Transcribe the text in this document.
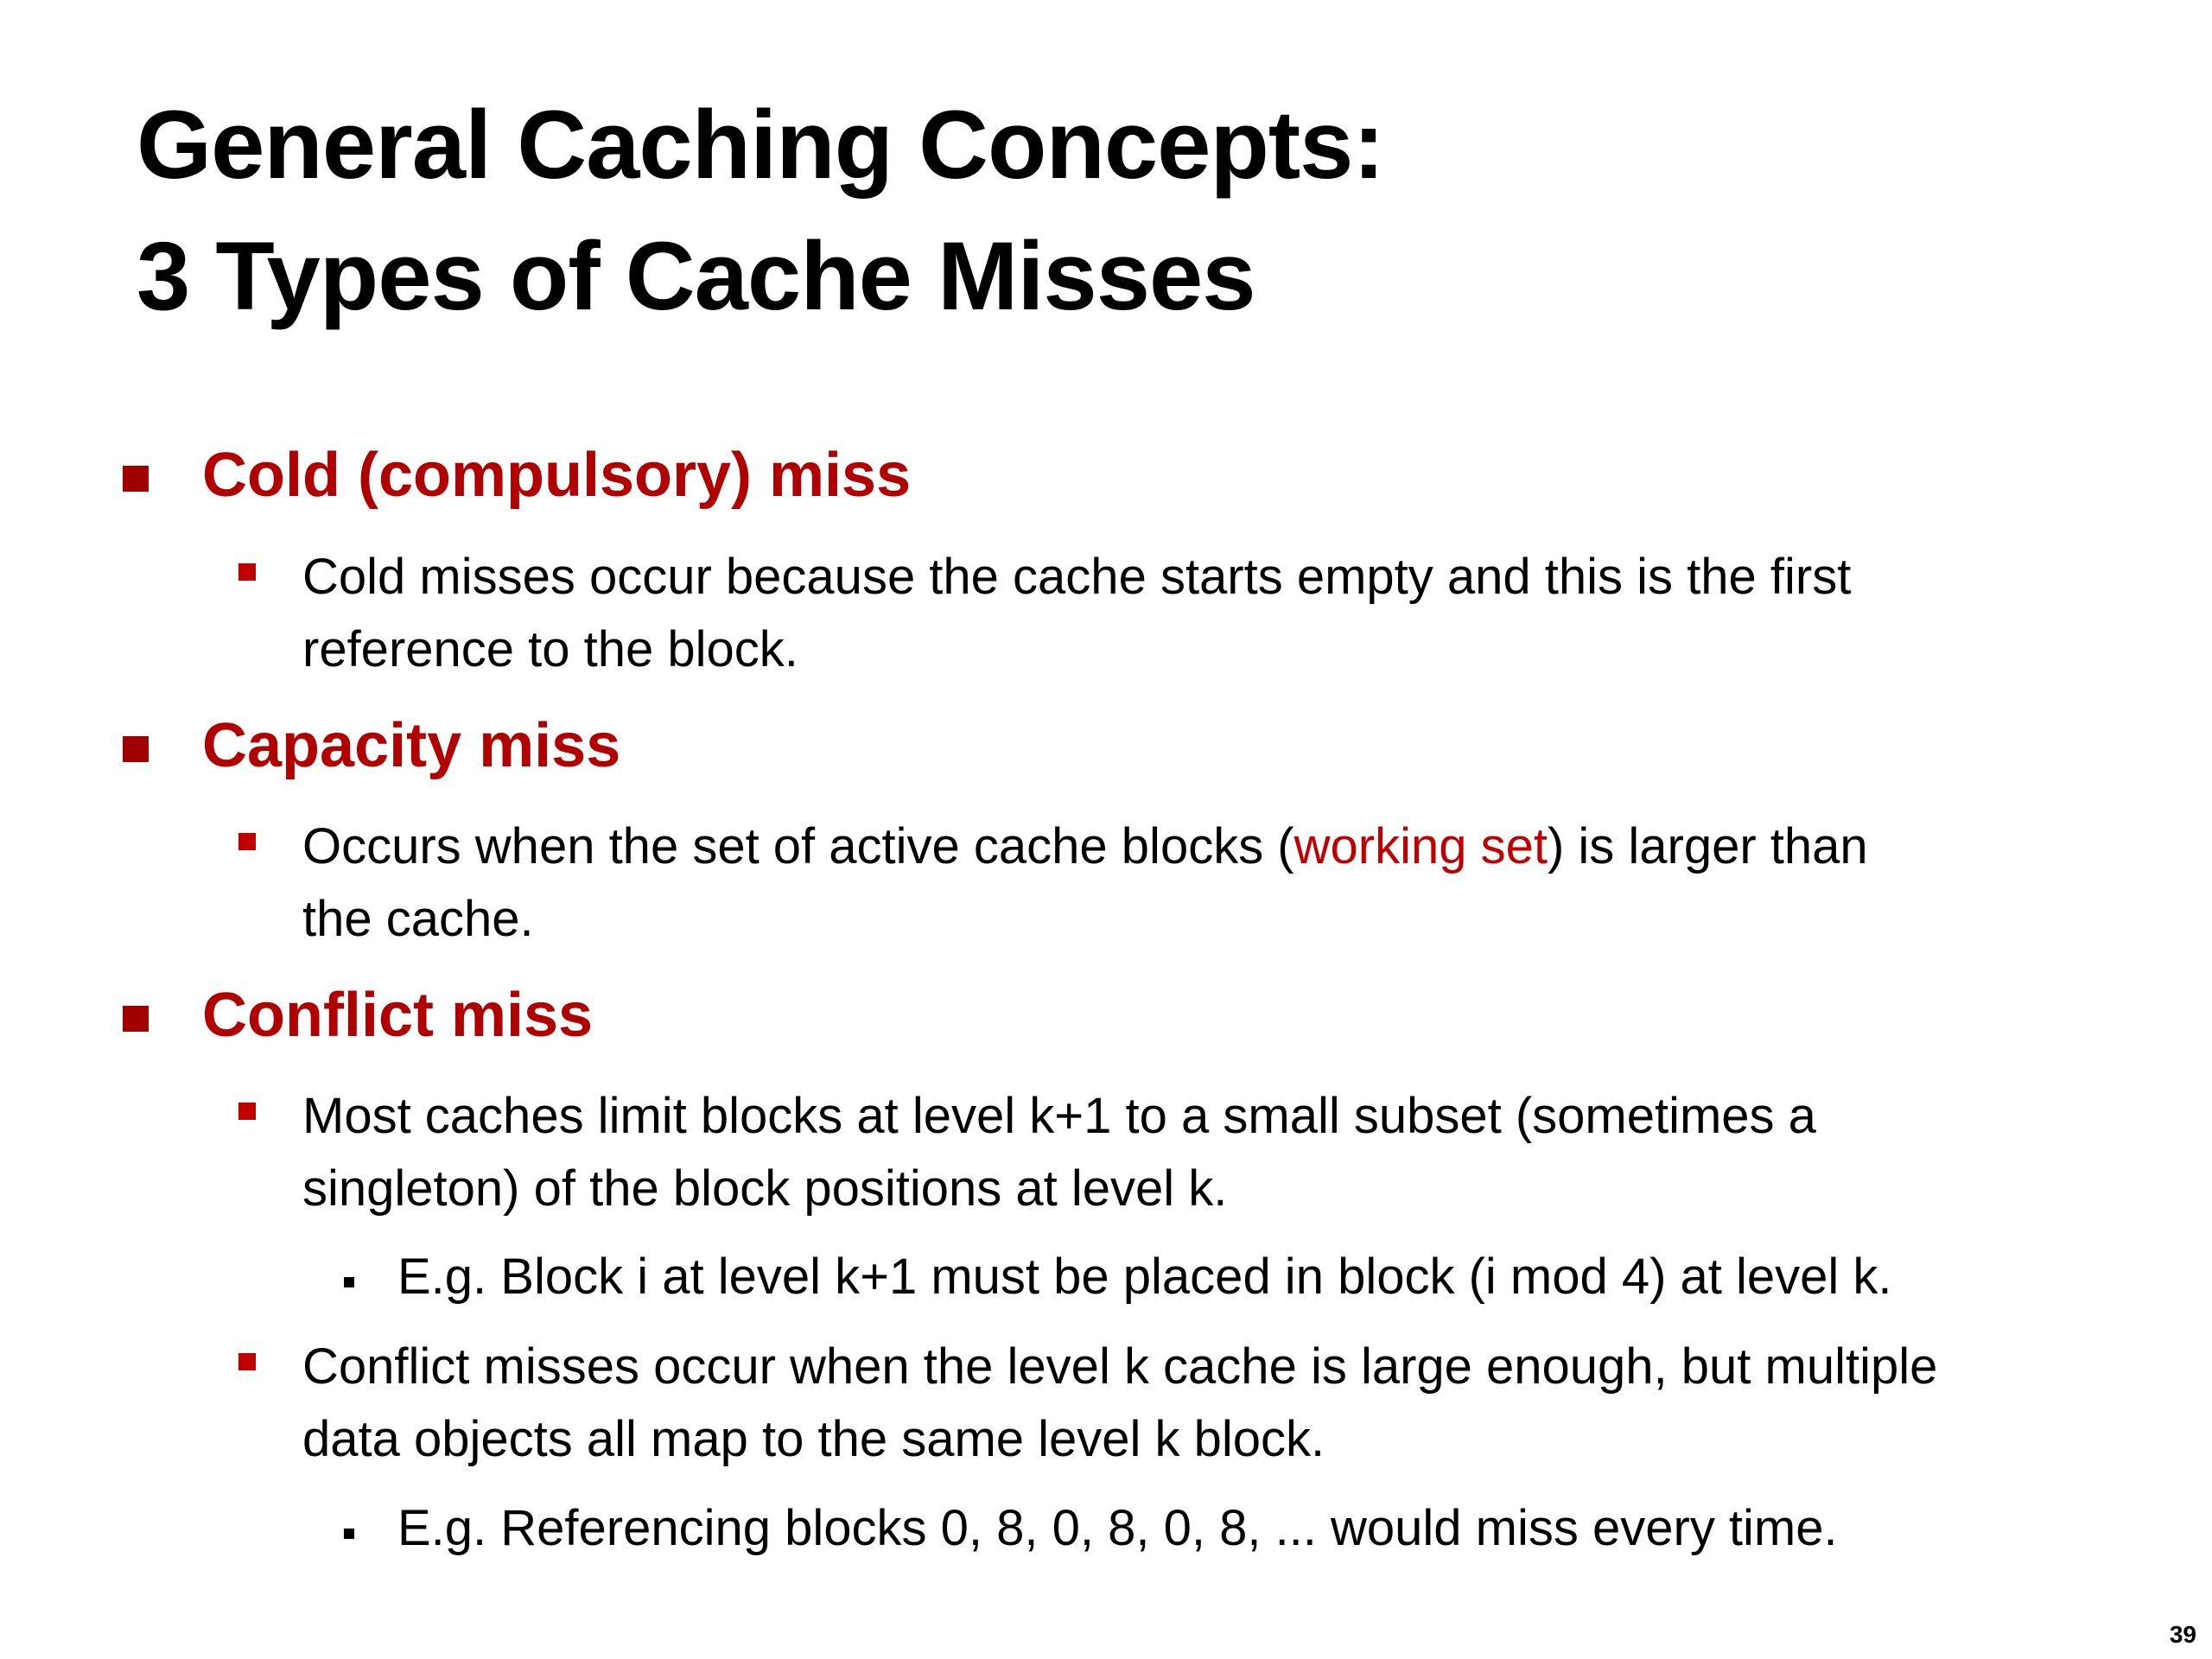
General Caching Concepts:
3 Types of Cache Misses
Cold (compulsory) miss
Cold misses occur because the cache starts empty and this is the first
reference to the block.
Capacity miss
Occurs when the set of active cache blocks (working set) is larger than
the cache.
Conflict miss
Most caches limit blocks at level k+1 to a small subset (sometimes a
singleton) of the block positions at level k.
E.g. Block i at level k+1 must be placed in block (i mod 4) at level k.
Conflict misses occur when the level k cache is large enough, but multiple
data objects all map to the same level k block.
E.g. Referencing blocks 0, 8, 0, 8, 0, 8, ... would miss every time.
39
